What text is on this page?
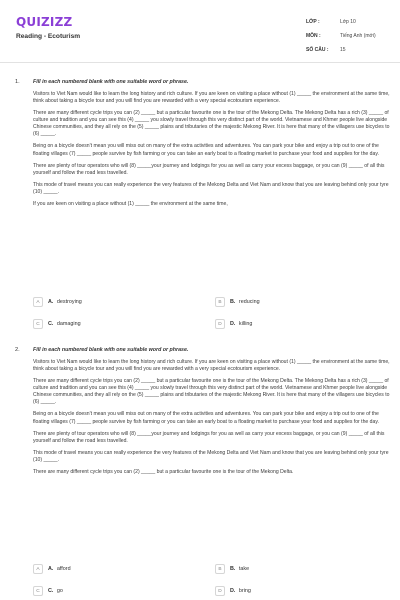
QUIZIZZ
Reading - Ecoturism
LỚP :	Lớp 10
MÔN :	Tiếng Anh (mới)
SỐ CÂU :	15
1.	Fill in each numbered blank with one suitable word or phrase.
Visitors to Viet Nam would like to learn the long history and rich culture. If you are keen on visiting a place without (1) _____ the environment at the same time, think about taking a bicycle tour and you will find you are rewarded with a very special ecotourism experience.
There are many different cycle trips you can (2) _____ but a particular favourite one is the tour of the Mekong Delta. The Mekong Delta has a rich (3) _____ of culture and tradition and you can see this (4) _____ you slowly travel through this very distinct part of the world. Vietnamese and Khmer people live alongside Chinese communities, and they all rely on the (5) _____ plains and tributaries of the majestic Mekong River. It is here that many of the villagers use bicycles to (6) _____.
Being on a bicycle doesn't mean you will miss out on many of the extra activities and adventures. You can park your bike and enjoy a trip out to one of the floating villages (7) _____ people survive by fish farming or you can take an early boat to a floating market to purchase your food and supplies for the day.
There are plenty of tour operators who will (8) _____your journey and lodgings for you as well as carry your excess baggage, or you can (9) _____ of all this yourself and follow the road less travelled.
This mode of travel means you can really experience the very features of the Mekong Delta and Viet Nam and know that you are leaving behind only your tyre (10) _____.
If you are keen on visiting a place without (1) _____ the environment at the same time,
A	A. destroying	B	B. reducing
C	C. damaging	D	D. killing
2.	Fill in each numbered blank with one suitable word or phrase.
Visitors to Viet Nam would like to learn the long history and rich culture. If you are keen on visiting a place without (1) _____ the environment at the same time, think about taking a bicycle tour and you will find you are rewarded with a very special ecotourism experience.
There are many different cycle trips you can (2) _____ but a particular favourite one is the tour of the Mekong Delta. The Mekong Delta has a rich (3) _____ of culture and tradition and you can see this (4) _____ you slowly travel through this very distinct part of the world. Vietnamese and Khmer people live alongside Chinese communities, and they all rely on the (5) _____ plains and tributaries of the majestic Mekong River. It is here that many of the villagers use bicycles to (6) _____.
Being on a bicycle doesn't mean you will miss out on many of the extra activities and adventures. You can park your bike and enjoy a trip out to one of the floating villages (7) _____ people survive by fish farming or you can take an early boat to a floating market to purchase your food and supplies for the day.
There are plenty of tour operators who will (8) _____your journey and lodgings for you as well as carry your excess baggage, or you can (9) _____ of all this yourself and follow the road less travelled.
This mode of travel means you can really experience the very features of the Mekong Delta and Viet Nam and know that you are leaving behind only your tyre (10) _____.
There are many different cycle trips you can (2) _____ but a particular favourite one is the tour of the Mekong Delta.
A	A. afford	B	B. take
C	C. go	D	D. bring
